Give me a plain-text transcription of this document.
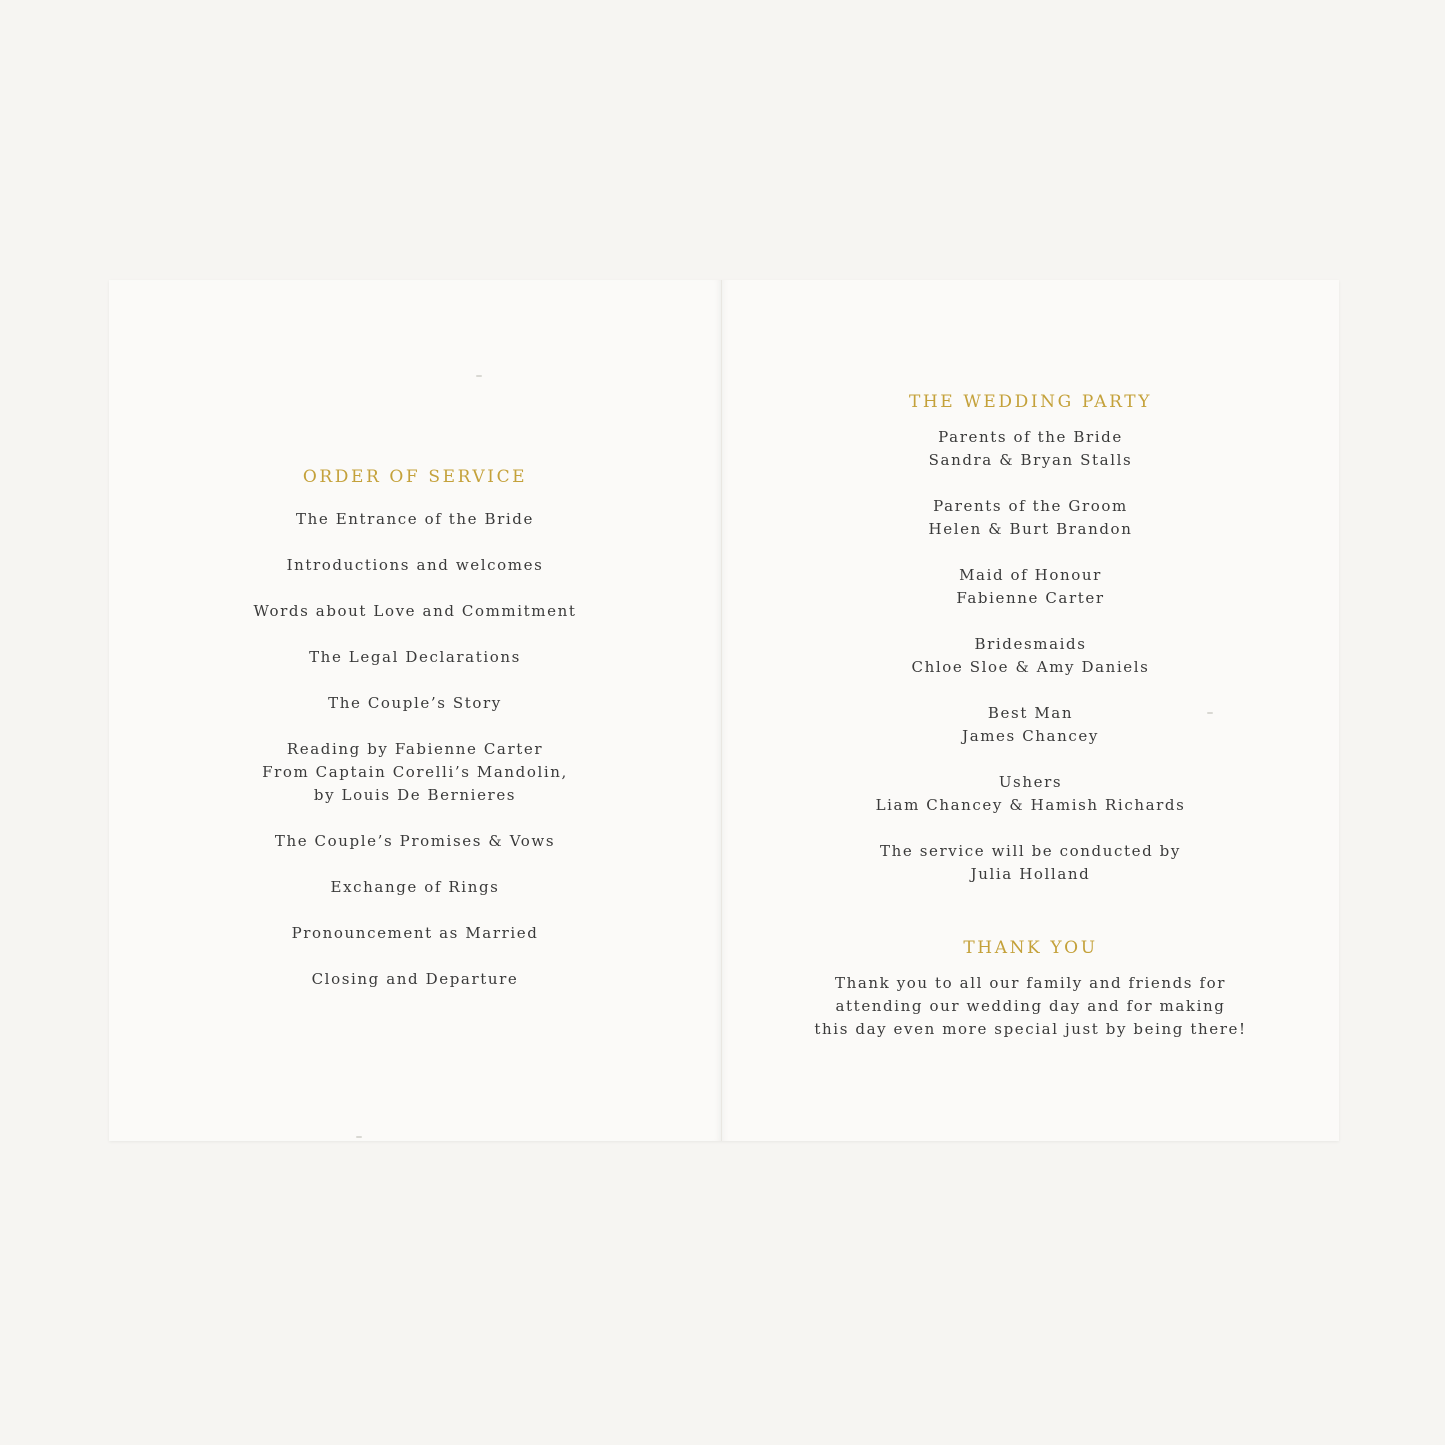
ORDER OF SERVICE
The Entrance of the Bride
Introductions and welcomes
Words about Love and Commitment
The Legal Declarations
The Couple’s Story
Reading by Fabienne Carter
From Captain Corelli’s Mandolin,
by Louis De Bernieres
The Couple’s Promises & Vows
Exchange of Rings
Pronouncement as Married
Closing and Departure
THE WEDDING PARTY
Parents of the Bride
Sandra & Bryan Stalls
Parents of the Groom
Helen & Burt Brandon
Maid of Honour
Fabienne Carter
Bridesmaids
Chloe Sloe & Amy Daniels
Best Man
James Chancey
Ushers
Liam Chancey & Hamish Richards
The service will be conducted by
Julia Holland
THANK YOU
Thank you to all our family and friends for
attending our wedding day and for making
this day even more special just by being there!
